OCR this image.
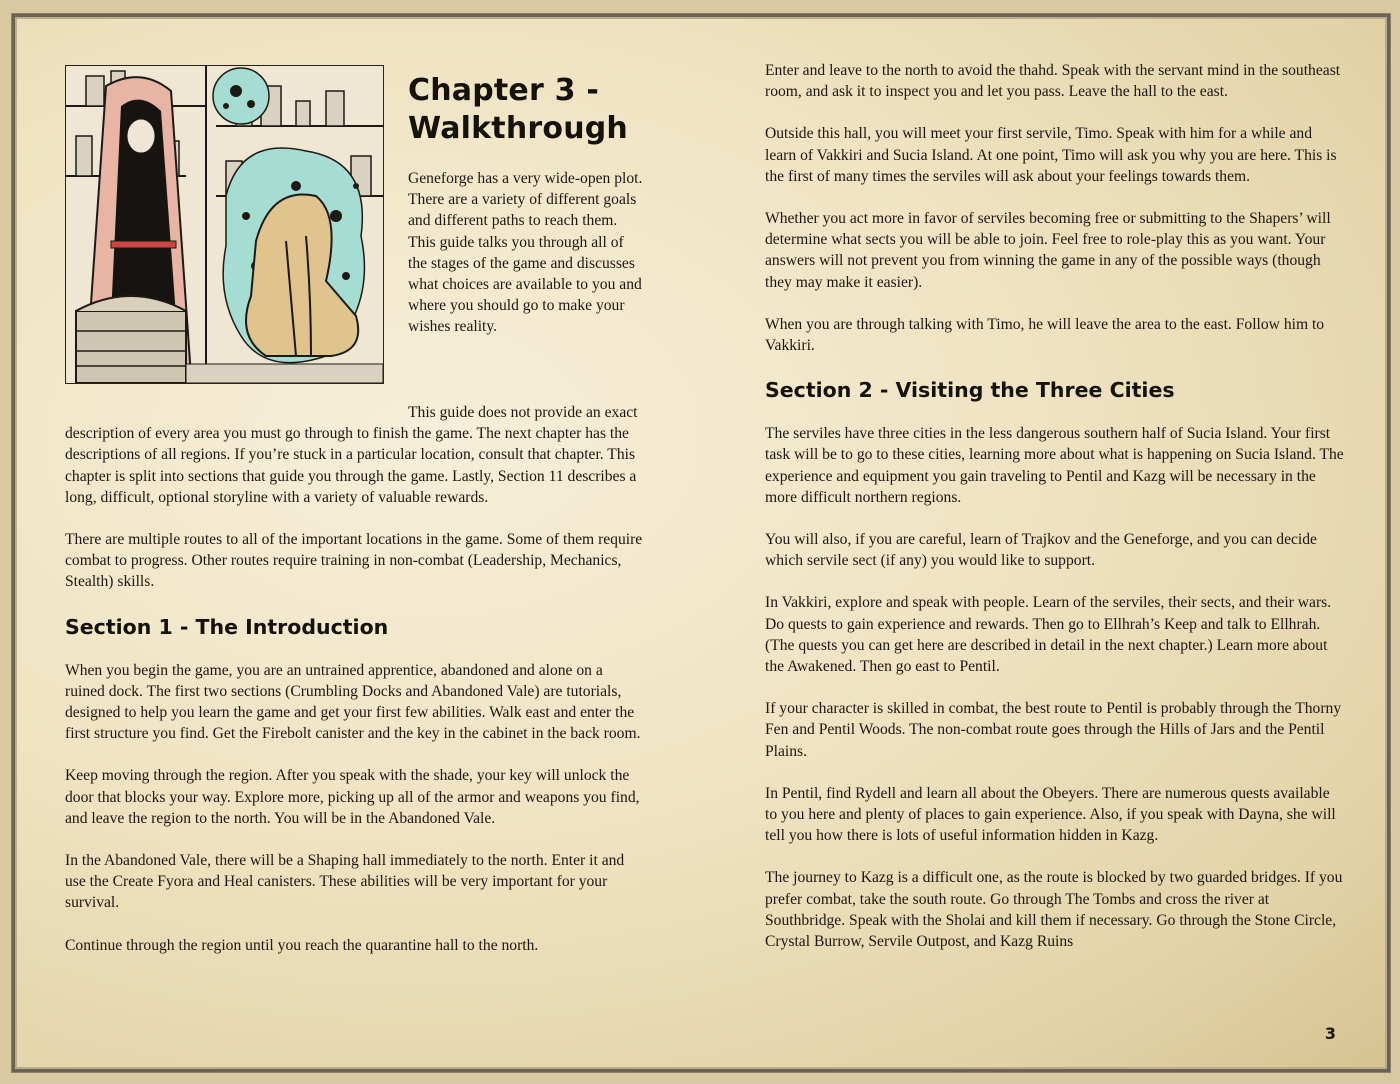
Chapter 3 -
Walkthrough
Geneforge has a very wide-open plot. There are a variety of different goals and different paths to reach them. This guide talks you through all of the stages of the game and discusses what choices are available to you and where you should go to make your wishes reality.

This guide does not provide an exact description of every area you must go through to finish the game. The next chapter has the descriptions of all regions. If you’re stuck in a particular location, consult that chapter. This chapter is split into sections that guide you through the game. Lastly, Section 11 describes a long, difficult, optional storyline with a variety of valuable rewards.

There are multiple routes to all of the important locations in the game. Some of them require combat to progress. Other routes require training in non-combat (Leadership, Mechanics, Stealth) skills.

Section 1 - The Introduction

When you begin the game, you are an untrained apprentice, abandoned and alone on a ruined dock. The first two sections (Crumbling Docks and Abandoned Vale) are tutorials, designed to help you learn the game and get your first few abilities. Walk east and enter the first structure you find. Get the Firebolt canister and the key in the cabinet in the back room.

Keep moving through the region. After you speak with the shade, your key will unlock the door that blocks your way. Explore more, picking up all of the armor and weapons you find, and leave the region to the north. You will be in the Abandoned Vale.

In the Abandoned Vale, there will be a Shaping hall immediately to the north. Enter it and use the Create Fyora and Heal canisters. These abilities will be very important for your survival.

Continue through the region until you reach the quarantine hall to the north.

Enter and leave to the north to avoid the thahd. Speak with the servant mind in the southeast room, and ask it to inspect you and let you pass. Leave the hall to the east.

Outside this hall, you will meet your first servile, Timo. Speak with him for a while and learn of Vakkiri and Sucia Island. At one point, Timo will ask you why you are here. This is the first of many times the serviles will ask about your feelings towards them.

Whether you act more in favor of serviles becoming free or submitting to the Shapers’ will determine what sects you will be able to join. Feel free to role-play this as you want. Your answers will not prevent you from winning the game in any of the possible ways (though they may make it easier).

When you are through talking with Timo, he will leave the area to the east. Follow him to Vakkiri.

Section 2 - Visiting the Three Cities

The serviles have three cities in the less dangerous southern half of Sucia Island. Your first task will be to go to these cities, learning more about what is happening on Sucia Island. The experience and equipment you gain traveling to Pentil and Kazg will be necessary in the more difficult northern regions.

You will also, if you are careful, learn of Trajkov and the Geneforge, and you can decide which servile sect (if any) you would like to support.

In Vakkiri, explore and speak with people. Learn of the serviles, their sects, and their wars. Do quests to gain experience and rewards. Then go to Ellhrah’s Keep and talk to Ellhrah. (The quests you can get here are described in detail in the next chapter.) Learn more about the Awakened. Then go east to Pentil.

If your character is skilled in combat, the best route to Pentil is probably through the Thorny Fen and Pentil Woods. The non-combat route goes through the Hills of Jars and the Pentil Plains.

In Pentil, find Rydell and learn all about the Obeyers. There are numerous quests available to you here and plenty of places to gain experience. Also, if you speak with Dayna, she will tell you how there is lots of useful information hidden in Kazg.

The journey to Kazg is a difficult one, as the route is blocked by two guarded bridges. If you prefer combat, take the south route. Go through The Tombs and cross the river at Southbridge. Speak with the Sholai and kill them if necessary. Go through the Stone Circle, Crystal Burrow, Servile Outpost, and Kazg Ruins

3
